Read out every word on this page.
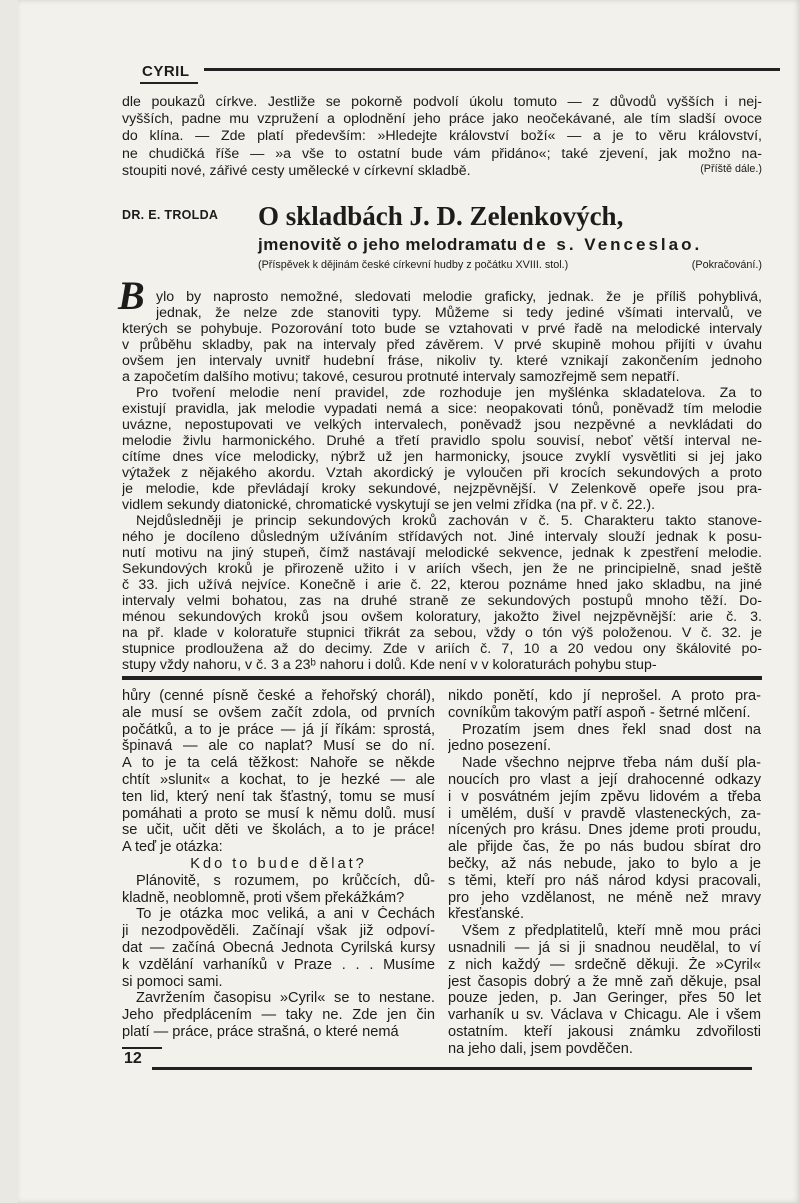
CYRIL
dle poukazů církve. Jestliže se pokorně podvolí úkolu tomuto — z důvodů vyšších i nej-
vyšších, padne mu vzpružení a oplodnění jeho práce jako neočekávané, ale tím sladší ovoce
do klína. — Zde platí především: »Hledejte království boží« — a je to věru království,
ne chudičká říše — »a vše to ostatní bude vám přidáno«; také zjevení, jak možno na-
stoupiti nové, zářivé cesty umělecké v církevní skladbě.	(Příště dále.)
DR. E. TROLDA O skladbách J. D. Zelenkových,
jmenovitě o jeho melodramatu de s. Venceslao.
(Příspěvek k dějinám české církevní hudby z počátku XVIII. stol.)	(Pokračování.)
B ylo by naprosto nemožné, sledovati melodie graficky, jednak. že je příliš pohyblivá,
jednak, že nelze zde stanoviti typy. Můžeme si tedy jediné všímati intervalů, ve
kterých se pohybuje. Pozorování toto bude se vztahovati v prvé řadě na melodické intervaly
v průběhu skladby, pak na intervaly před závěrem. V prvé skupině mohou přijíti v úvahu
ovšem jen intervaly uvnitř hudební fráse, nikoliv ty. které vznikají zakončením jednoho
a započetím dalšího motivu; takové, cesurou protnuté intervaly samozřejmě sem nepatří.
Pro tvoření melodie není pravidel, zde rozhoduje jen myšlénka skladatelova. Za to
existují pravidla, jak melodie vypadati nemá a sice: neopakovati tónů, poněvadž tím melodie
uvázne, nepostupovati ve velkých intervalech, poněvadž jsou nezpěvné a nevkládati do
melodie živlu harmonického. Druhé a třetí pravidlo spolu souvisí, neboť větší interval ne-
cítíme dnes více melodicky, nýbrž už jen harmonicky, jsouce zvyklí vysvětliti si jej jako
výtažek z nějakého akordu. Vztah akordický je vyloučen při krocích sekundových a proto
je melodie, kde převládají kroky sekundové, nejzpěvnější. V Zelenkově opeře jsou pra-
vidlem sekundy diatonické, chromatické vyskytují se jen velmi zřídka (na př. v č. 22.).
Nejdůsledněji je princip sekundových kroků zachován v č. 5. Charakteru takto stanove-
ného je docíleno důsledným užíváním střídavých not. Jiné intervaly slouží jednak k posu-
nutí motivu na jiný stupeň, čímž nastávají melodické sekvence, jednak k zpestření melodie.
Sekundových kroků je přirozeně užito i v ariích všech, jen že ne principielně, snad ještě
č 33. jich užívá nejvíce. Konečně i arie č. 22, kterou poznáme hned jako skladbu, na jiné
intervaly velmi bohatou, zas na druhé straně ze sekundových postupů mnoho těží. Do-
ménou sekundových kroků jsou ovšem koloratury, jakožto živel nejzpěvnější: arie č. 3.
na př. klade v koloratuře stupnici třikrát za sebou, vždy o tón výš položenou. V č. 32. je
stupnice prodloužena až do decimy. Zde v ariích č. 7, 10 a 20 vedou ony škálovité po-
stupy vždy nahoru, v č. 3 a 23ᵇ nahoru i dolů. Kde není v v koloraturách pohybu stup-
hůry (cenné písně české a řehořský chorál),
ale musí se ovšem začít zdola, od prvních
počátků, a to je práce — já jí říkám: sprostá,
špinavá — ale co naplat? Musí se do ní.
A to je ta celá těžkost: Nahoře se někde
chtít »slunit« a kochat, to je hezké — ale
ten lid, který není tak šťastný, tomu se musí
pomáhati a proto se musí k němu dolů. musí
se učit, učit děti ve školách, a to je práce!
A teď je otázka:
Kdo to bude dělat?
Plánovitě, s rozumem, po krůčcích, dů-
kladně, neoblomně, proti všem překážkám?
To je otázka moc veliká, a ani v Čechách
ji nezodpověděli. Začínají však již odpoví-
dat — začíná Obecná Jednota Cyrilská kursy
k vzdělání varhaníků v Praze . . . Musíme
si pomoci sami.
Zavržením časopisu »Cyril« se to nestane.
Jeho předplácením — taky ne. Zde jen čin
platí — práce, práce strašná, o které nemá
nikdo ponětí, kdo jí neprošel. A proto pra-
covníkům takovým patří aspoň - šetrné mlčení.
Prozatím jsem dnes řekl snad dost na
jedno posezení.
Nade všechno nejprve třeba nám duší pla-
noucích pro vlast a její drahocenné odkazy
i v posvátném jejím zpěvu lidovém a třeba
i umělém, duší v pravdě vlasteneckých, za-
nícených pro krásu. Dnes jdeme proti proudu,
ale přijde čas, že po nás budou sbírat dro
bečky, až nás nebude, jako to bylo a je
s těmi, kteří pro náš národ kdysi pracovali,
pro jeho vzdělanost, ne méně než mravy
křesťanské.
Všem z předplatitelů, kteří mně mou práci
usnadnili — já si ji snadnou neudělal, to ví
z nich každý — srdečně děkuji. Že »Cyril«
jest časopis dobrý a že mně zaň děkuje, psal
pouze jeden, p. Jan Geringer, přes 50 let
varhaník u sv. Václava v Chicagu. Ale i všem
ostatním. kteří jakousi známku zdvořilosti
na jeho dali, jsem povděčen.
12
